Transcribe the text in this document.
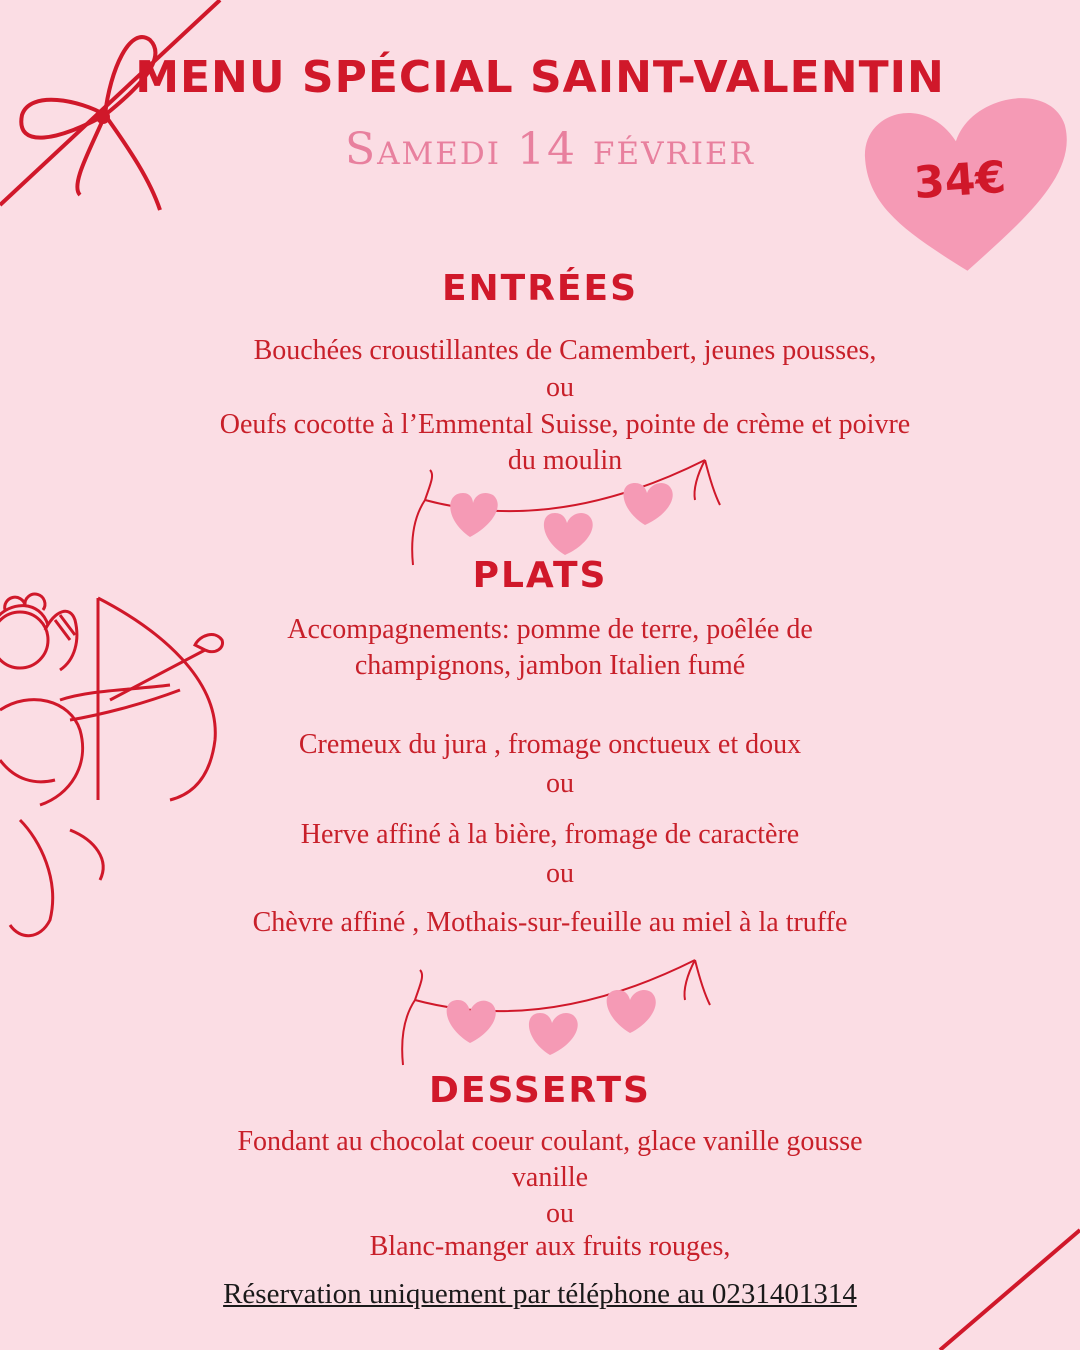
34€
MENU SPÉCIAL SAINT-VALENTIN
Samedi 14 février
ENTRÉES
Bouchées croustillantes de Camembert, jeunes pousses,
ou
Oeufs cocotte à l’Emmental Suisse, pointe de crème et poivre
du moulin
PLATS
Accompagnements: pomme de terre, poêlée de
champignons, jambon Italien fumé
Cremeux du jura , fromage onctueux et doux
ou
Herve affiné à la bière, fromage de caractère
ou
Chèvre affiné , Mothais-sur-feuille au miel à la truffe
DESSERTS
Fondant au chocolat coeur coulant, glace vanille gousse
vanille
ou
Blanc-manger aux fruits rouges,
Réservation uniquement par téléphone au 0231401314
